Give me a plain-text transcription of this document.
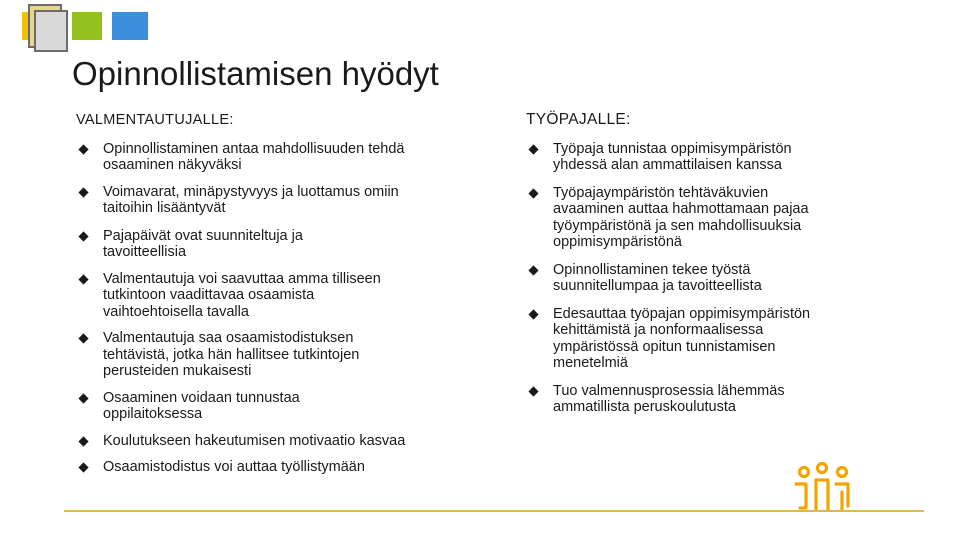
Opinnollistamisen hyödyt
VALMENTAUTUJALLE:
Opinnollistaminen antaa mahdollisuuden tehdä osaaminen näkyväksi
Voimavarat, minäpystyvyys ja luottamus omiin taitoihin lisääntyvät
Pajapäivät ovat suunniteltuja ja tavoitteellisia
Valmentautuja voi saavuttaa amma tilliseen tutkintoon vaadittavaa osaamista vaihtoehtoisella tavalla
Valmentautuja saa osaamistodistuksen tehtävistä, jotka hän hallitsee tutkintojen perusteiden mukaisesti
Osaaminen voidaan tunnustaa oppilaitoksessa
Koulutukseen hakeutumisen motivaatio kasvaa
Osaamistodistus voi auttaa työllistymään
TYÖPAJALLE:
Työpaja tunnistaa oppimisympäristön yhdessä alan ammattilaisen kanssa
Työpajaympäristön tehtäväkuvien avaaminen auttaa hahmottamaan pajaa työympäristönä ja sen mahdollisuuksia oppimisympäristönä
Opinnollistaminen tekee työstä suunnitellumpaa ja tavoitteellista
Edesauttaa työpajan oppimisympäristön kehittämistä ja nonformaalisessa ympäristössä opitun tunnistamisen menetelmiä
Tuo valmennusprosessia lähemmäs ammatillista peruskoulutusta
